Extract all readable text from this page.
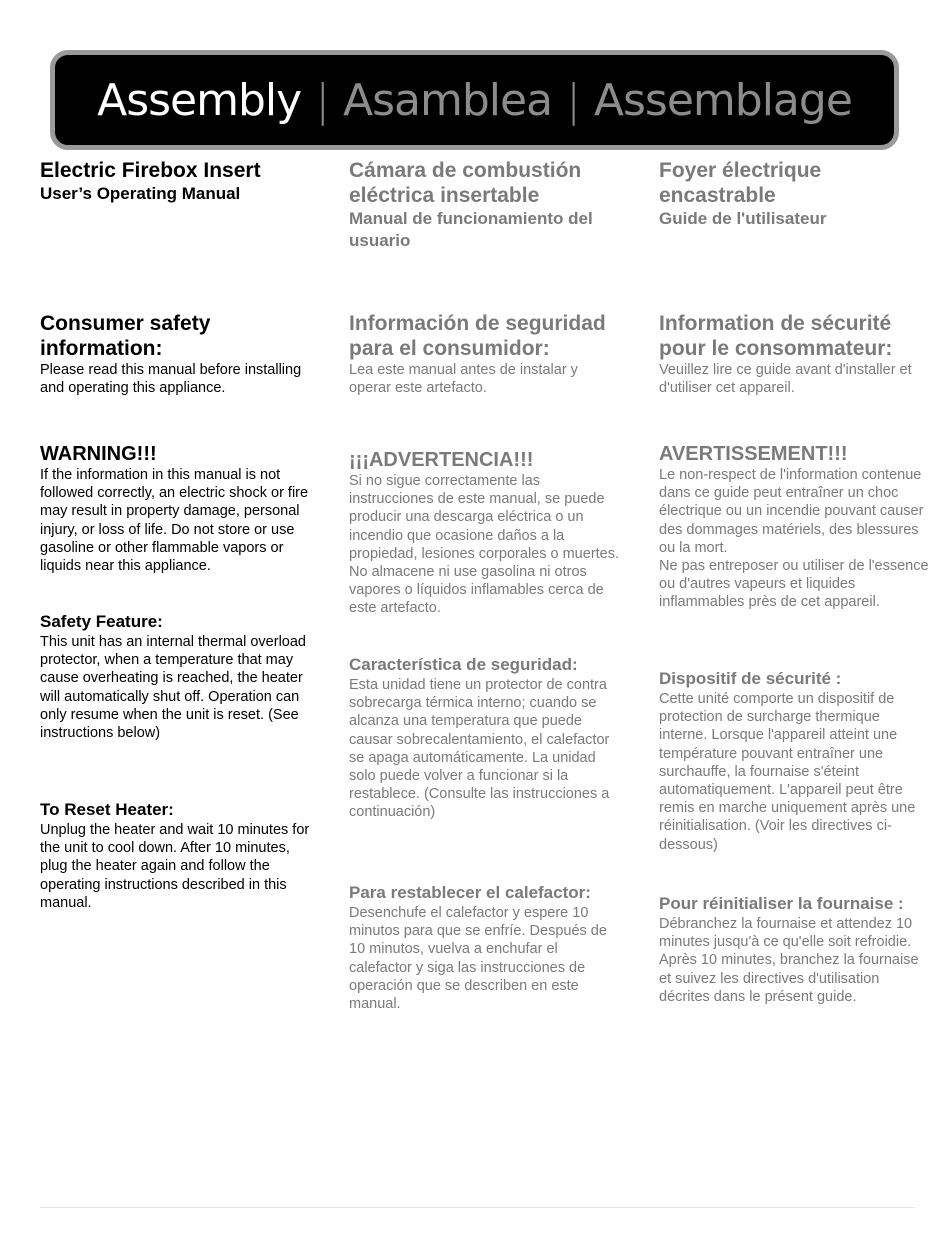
Assembly | Asamblea | Assemblage
Electric Firebox Insert
User’s Operating Manual
Consumer safety information:
Please read this manual before installing and operating this appliance.
WARNING!!!
If the information in this manual is not followed correctly, an electric shock or fire may result in property damage, personal injury, or loss of life. Do not store or use gasoline or other flammable vapors or liquids near this appliance.
Safety Feature:
This unit has an internal thermal overload protector, when a temperature that may cause overheating is reached, the heater will automatically shut off. Operation can only resume when the unit is reset. (See instructions below)
To Reset Heater:
Unplug the heater and wait 10 minutes for the unit to cool down. After 10 minutes, plug the heater again and follow the operating instructions described in this manual.
Cámara de combustión eléctrica insertable
Manual de funcionamiento del usuario
Información de seguridad para el consumidor:
Lea este manual antes de instalar y operar este artefacto.
¡¡¡ADVERTENCIA!!!
Si no sigue correctamente las instrucciones de este manual, se puede producir una descarga eléctrica o un incendio que ocasione daños a la propiedad, lesiones corporales o muertes. No almacene ni use gasolina ni otros vapores o líquidos inflamables cerca de este artefacto.
Característica de seguridad:
Esta unidad tiene un protector de contra sobrecarga térmica interno; cuando se alcanza una temperatura que puede causar sobrecalentamiento, el calefactor se apaga automáticamente. La unidad solo puede volver a funcionar si la restablece. (Consulte las instrucciones a continuación)
Para restablecer el calefactor:
Desenchufe el calefactor y espere 10 minutos para que se enfríe. Después de 10 minutos, vuelva a enchufar el calefactor y siga las instrucciones de operación que se describen en este manual.
Foyer électrique encastrable
Guide de l'utilisateur
Information de sécurité pour le consommateur:
Veuillez lire ce guide avant d'installer et d'utiliser cet appareil.
AVERTISSEMENT!!!
Le non-respect de l'information contenue dans ce guide peut entraîner un choc électrique ou un incendie pouvant causer des dommages matériels, des blessures ou la mort.
Ne pas entreposer ou utiliser de l'essence ou d'autres vapeurs et liquides inflammables près de cet appareil.
Dispositif de sécurité :
Cette unité comporte un dispositif de protection de surcharge thermique interne. Lorsque l'appareil atteint une température pouvant entraîner une surchauffe, la fournaise s'éteint automatiquement. L'appareil peut être remis en marche uniquement après une réinitialisation. (Voir les directives ci-dessous)
Pour réinitialiser la fournaise :
Débranchez la fournaise et attendez 10 minutes jusqu'à ce qu'elle soit refroidie. Après 10 minutes, branchez la fournaise et suivez les directives d'utilisation décrites dans le présent guide.
